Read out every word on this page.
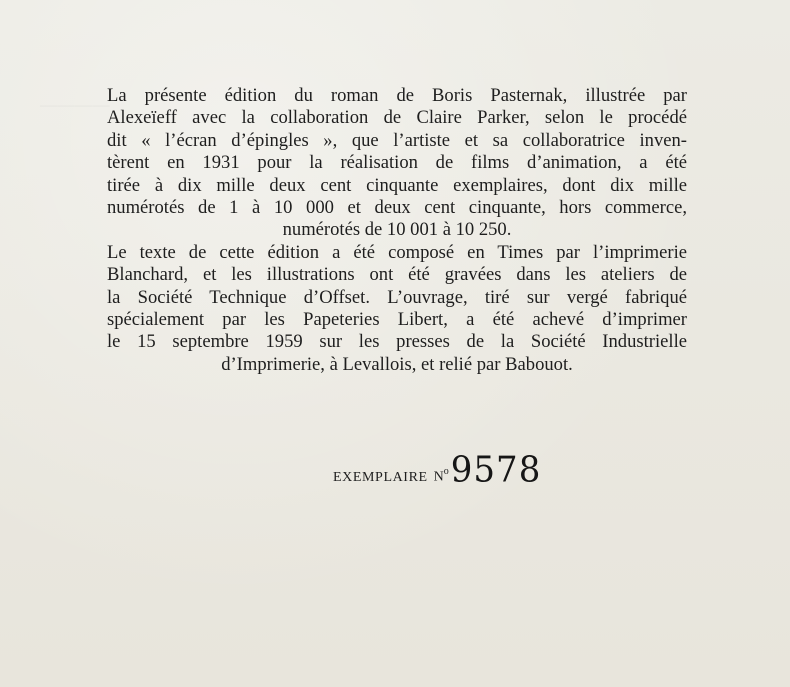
————
La présente édition du roman de Boris Pasternak, illustrée par
Alexeïeff avec la collaboration de Claire Parker, selon le procédé
dit « l’écran d’épingles », que l’artiste et sa collaboratrice inven-
tèrent en 1931 pour la réalisation de films d’animation, a été
tirée à dix mille deux cent cinquante exemplaires, dont dix mille
numérotés de 1 à 10 000 et deux cent cinquante, hors commerce,
numérotés de 10 001 à 10 250.
Le texte de cette édition a été composé en Times par l’imprimerie
Blanchard, et les illustrations ont été gravées dans les ateliers de
la Société Technique d’Offset. L’ouvrage, tiré sur vergé fabriqué
spécialement par les Papeteries Libert, a été achevé d’imprimer
le 15 septembre 1959 sur les presses de la Société Industrielle
d’Imprimerie, à Levallois, et relié par Babouot.
EXEMPLAIRE $N^o$ 9578
